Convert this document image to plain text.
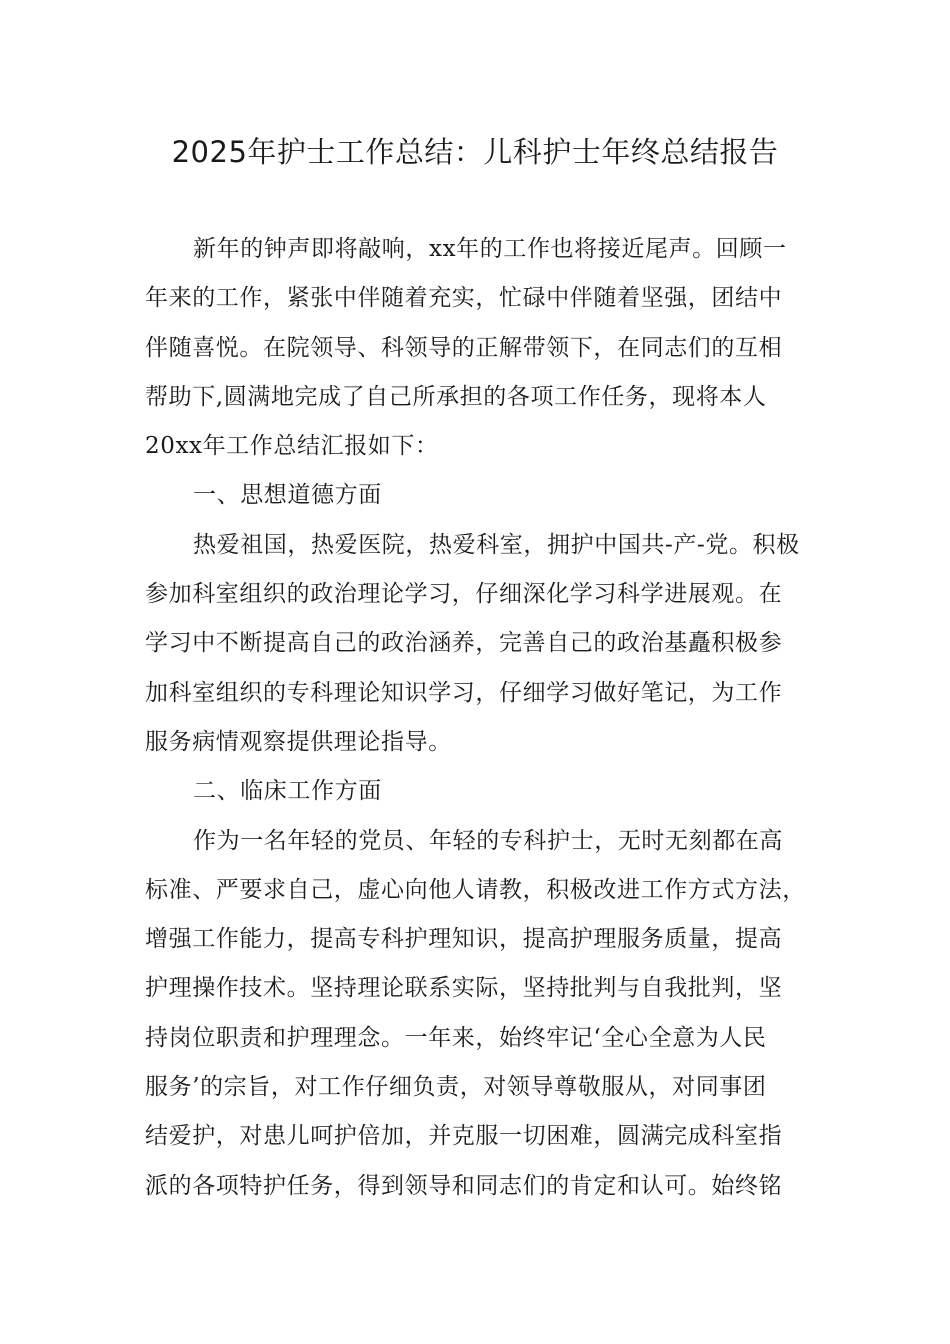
2025年护士工作总结：儿科护士年终总结报告
新年的钟声即将敲响，xx年的工作也将接近尾声。回顾一
年来的工作，紧张中伴随着充实，忙碌中伴随着坚强，团结中
伴随喜悦。在院领导、科领导的正解带领下，在同志们的互相
帮助下,圆满地完成了自己所承担的各项工作任务，现将本人
20xx年工作总结汇报如下：
一、思想道德方面
热爱祖国，热爱医院，热爱科室，拥护中国共-产-党。积极
参加科室组织的政治理论学习，仔细深化学习科学进展观。在
学习中不断提高自己的政治涵养，完善自己的政治基矗积极参
加科室组织的专科理论知识学习，仔细学习做好笔记，为工作
服务病情观察提供理论指导。
二、临床工作方面
作为一名年轻的党员、年轻的专科护士，无时无刻都在高
标准、严要求自己，虚心向他人请教，积极改进工作方式方法，
增强工作能力，提高专科护理知识，提高护理服务质量，提高
护理操作技术。坚持理论联系实际，坚持批判与自我批判，坚
持岗位职责和护理理念。一年来，始终牢记‘全心全意为人民
服务’的宗旨，对工作仔细负责，对领导尊敬服从，对同事团
结爱护，对患儿呵护倍加，并克服一切困难，圆满完成科室指
派的各项特护任务，得到领导和同志们的肯定和认可。始终铭
